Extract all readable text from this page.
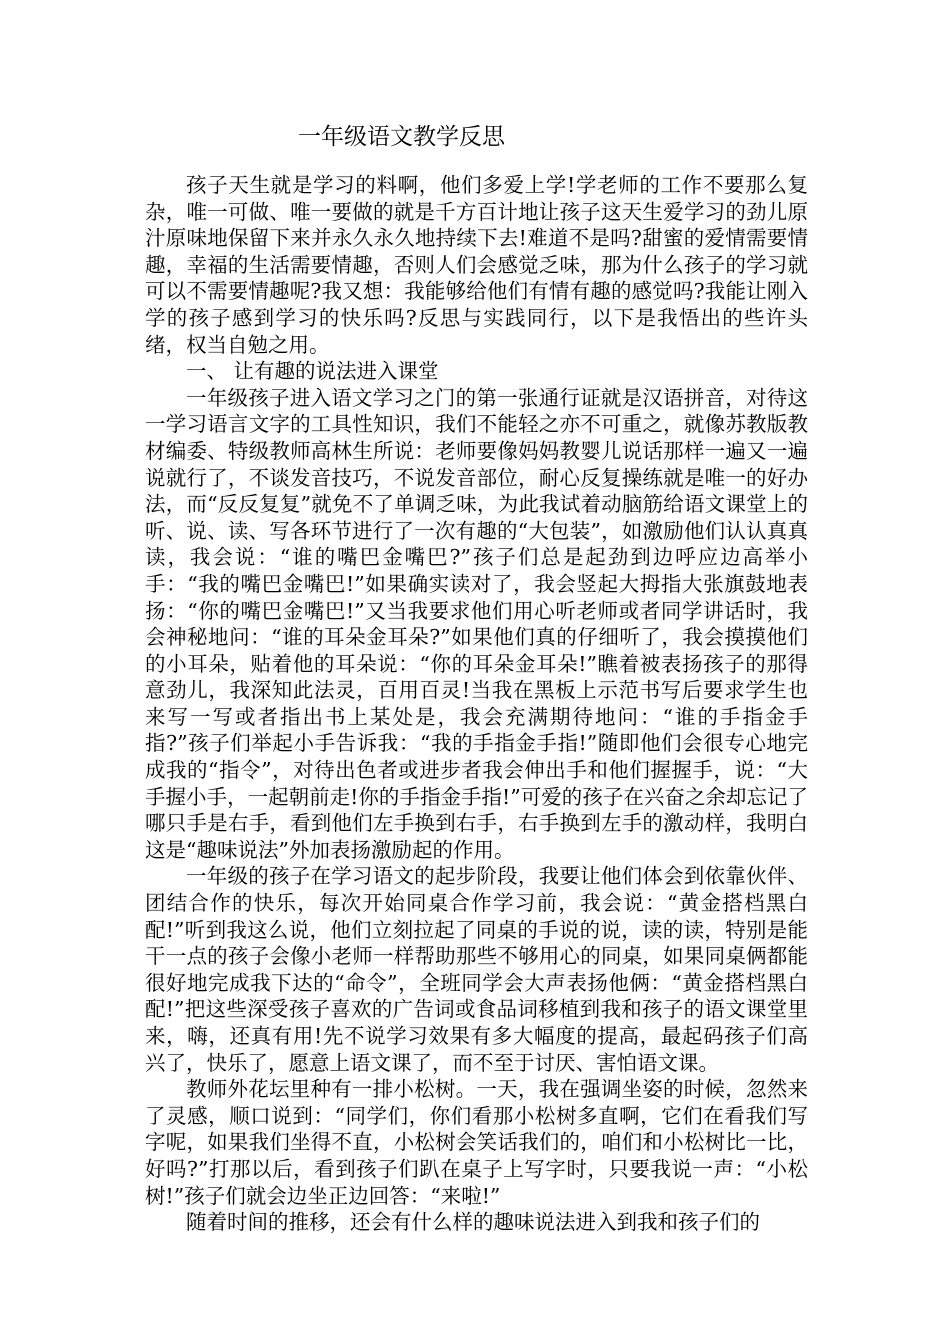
一年级语文教学反思

孩子天生就是学习的料啊，他们多爱上学!学老师的工作不要那么复杂，唯一可做、唯一要做的就是千方百计地让孩子这天生爱学习的劲儿原汁原味地保留下来并永久永久地持续下去!难道不是吗?甜蜜的爱情需要情趣，幸福的生活需要情趣，否则人们会感觉乏味，那为什么孩子的学习就可以不需要情趣呢?我又想：我能够给他们有情有趣的感觉吗?我能让刚入学的孩子感到学习的快乐吗?反思与实践同行，以下是我悟出的些许头绪，权当自勉之用。

一、 让有趣的说法进入课堂

一年级孩子进入语文学习之门的第一张通行证就是汉语拼音，对待这一学习语言文字的工具性知识，我们不能轻之亦不可重之，就像苏教版教材编委、特级教师高林生所说：老师要像妈妈教婴儿说话那样一遍又一遍说就行了，不谈发音技巧，不说发音部位，耐心反复操练就是唯一的好办法，而“反反复复”就免不了单调乏味，为此我试着动脑筋给语文课堂上的听、说、读、写各环节进行了一次有趣的“大包装”，如激励他们认认真真读，我会说：“谁的嘴巴金嘴巴?”孩子们总是起劲到边呼应边高举小手：“我的嘴巴金嘴巴!”如果确实读对了，我会竖起大拇指大张旗鼓地表扬：“你的嘴巴金嘴巴!”又当我要求他们用心听老师或者同学讲话时，我会神秘地问：“谁的耳朵金耳朵?”如果他们真的仔细听了，我会摸摸他们的小耳朵，贴着他的耳朵说：“你的耳朵金耳朵!”瞧着被表扬孩子的那得意劲儿，我深知此法灵，百用百灵!当我在黑板上示范书写后要求学生也来写一写或者指出书上某处是，我会充满期待地问：“谁的手指金手指?”孩子们举起小手告诉我：“我的手指金手指!”随即他们会很专心地完成我的“指令”，对待出色者或进步者我会伸出手和他们握握手，说：“大手握小手，一起朝前走!你的手指金手指!”可爱的孩子在兴奋之余却忘记了哪只手是右手，看到他们左手换到右手，右手换到左手的激动样，我明白这是“趣味说法”外加表扬激励起的作用。

一年级的孩子在学习语文的起步阶段，我要让他们体会到依靠伙伴、团结合作的快乐，每次开始同桌合作学习前，我会说：“黄金搭档黑白配!”听到我这么说，他们立刻拉起了同桌的手说的说，读的读，特别是能干一点的孩子会像小老师一样帮助那些不够用心的同桌，如果同桌俩都能很好地完成我下达的“命令”，全班同学会大声表扬他俩：“黄金搭档黑白配!”把这些深受孩子喜欢的广告词或食品词移植到我和孩子的语文课堂里来，嗨，还真有用!先不说学习效果有多大幅度的提高，最起码孩子们高兴了，快乐了，愿意上语文课了，而不至于讨厌、害怕语文课。

教师外花坛里种有一排小松树。一天，我在强调坐姿的时候，忽然来了灵感，顺口说到：“同学们，你们看那小松树多直啊，它们在看我们写字呢，如果我们坐得不直，小松树会笑话我们的，咱们和小松树比一比，好吗?”打那以后，看到孩子们趴在桌子上写字时，只要我说一声：“小松树!”孩子们就会边坐正边回答：“来啦!”

随着时间的推移，还会有什么样的趣味说法进入到我和孩子们的
